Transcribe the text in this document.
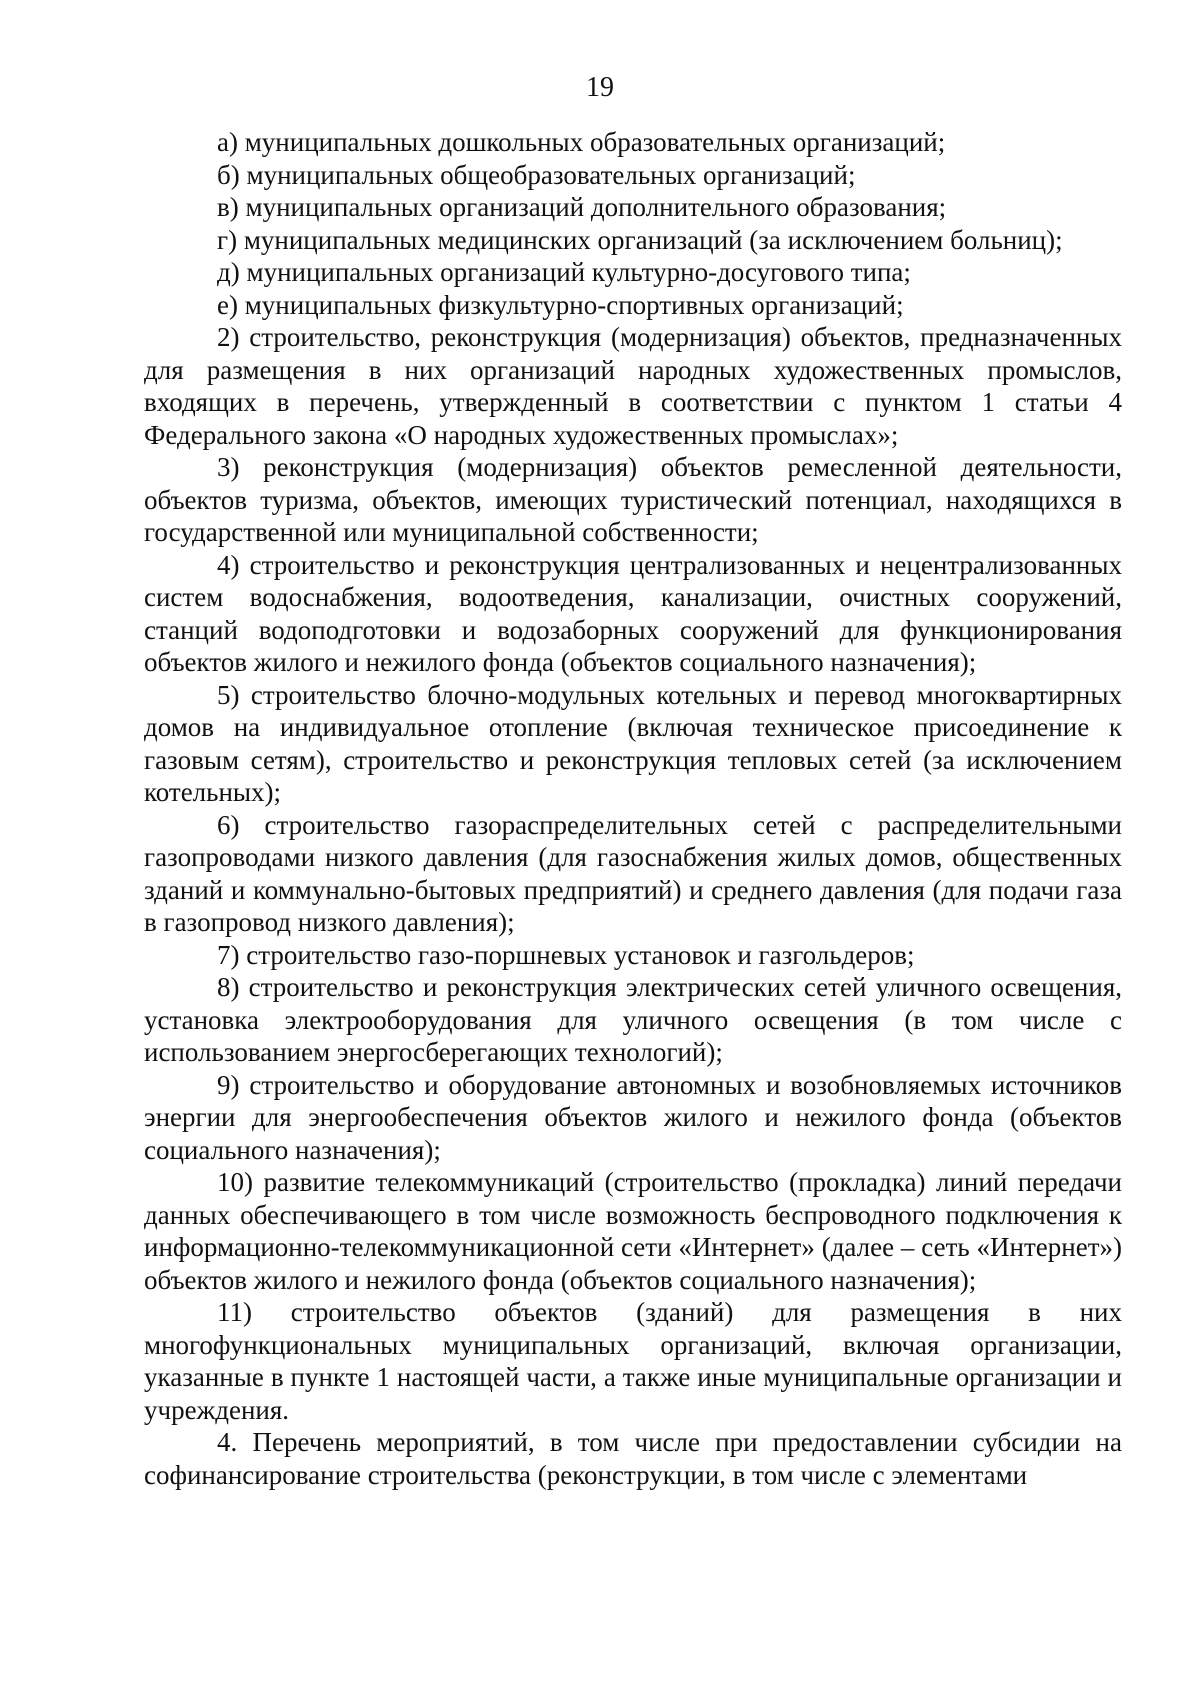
19

а) муниципальных дошкольных образовательных организаций;

б) муниципальных общеобразовательных организаций;

в) муниципальных организаций дополнительного образования;

г) муниципальных медицинских организаций (за исключением больниц);

д) муниципальных организаций культурно-досугового типа;

е) муниципальных физкультурно-спортивных организаций;

2) строительство, реконструкция (модернизация) объектов, предназначенных для размещения в них организаций народных художественных промыслов, входящих в перечень, утвержденный в соответствии с пунктом 1 статьи 4 Федерального закона «О народных художественных промыслах»;

3) реконструкция (модернизация) объектов ремесленной деятельности, объектов туризма, объектов, имеющих туристический потенциал, находящихся в государственной или муниципальной собственности;

4) строительство и реконструкция централизованных и нецентрализованных систем водоснабжения, водоотведения, канализации, очистных сооружений, станций водоподготовки и водозаборных сооружений для функционирования объектов жилого и нежилого фонда (объектов социального назначения);

5) строительство блочно-модульных котельных и перевод многоквартирных домов на индивидуальное отопление (включая техническое присоединение к газовым сетям), строительство и реконструкция тепловых сетей (за исключением котельных);

6) строительство газораспределительных сетей с распределительными газопроводами низкого давления (для газоснабжения жилых домов, общественных зданий и коммунально-бытовых предприятий) и среднего давления (для подачи газа в газопровод низкого давления);

7) строительство газо-поршневых установок и газгольдеров;

8) строительство и реконструкция электрических сетей уличного освещения, установка электрооборудования для уличного освещения (в том числе с использованием энергосберегающих технологий);

9) строительство и оборудование автономных и возобновляемых источников энергии для энергообеспечения объектов жилого и нежилого фонда (объектов социального назначения);

10) развитие телекоммуникаций (строительство (прокладка) линий передачи данных обеспечивающего в том числе возможность беспроводного подключения к информационно-телекоммуникационной сети «Интернет» (далее – сеть «Интернет») объектов жилого и нежилого фонда (объектов социального назначения);

11) строительство объектов (зданий) для размещения в них многофункциональных муниципальных организаций, включая организации, указанные в пункте 1 настоящей части, а также иные муниципальные организации и учреждения.

4. Перечень мероприятий, в том числе при предоставлении субсидии на софинансирование строительства (реконструкции, в том числе с элементами
